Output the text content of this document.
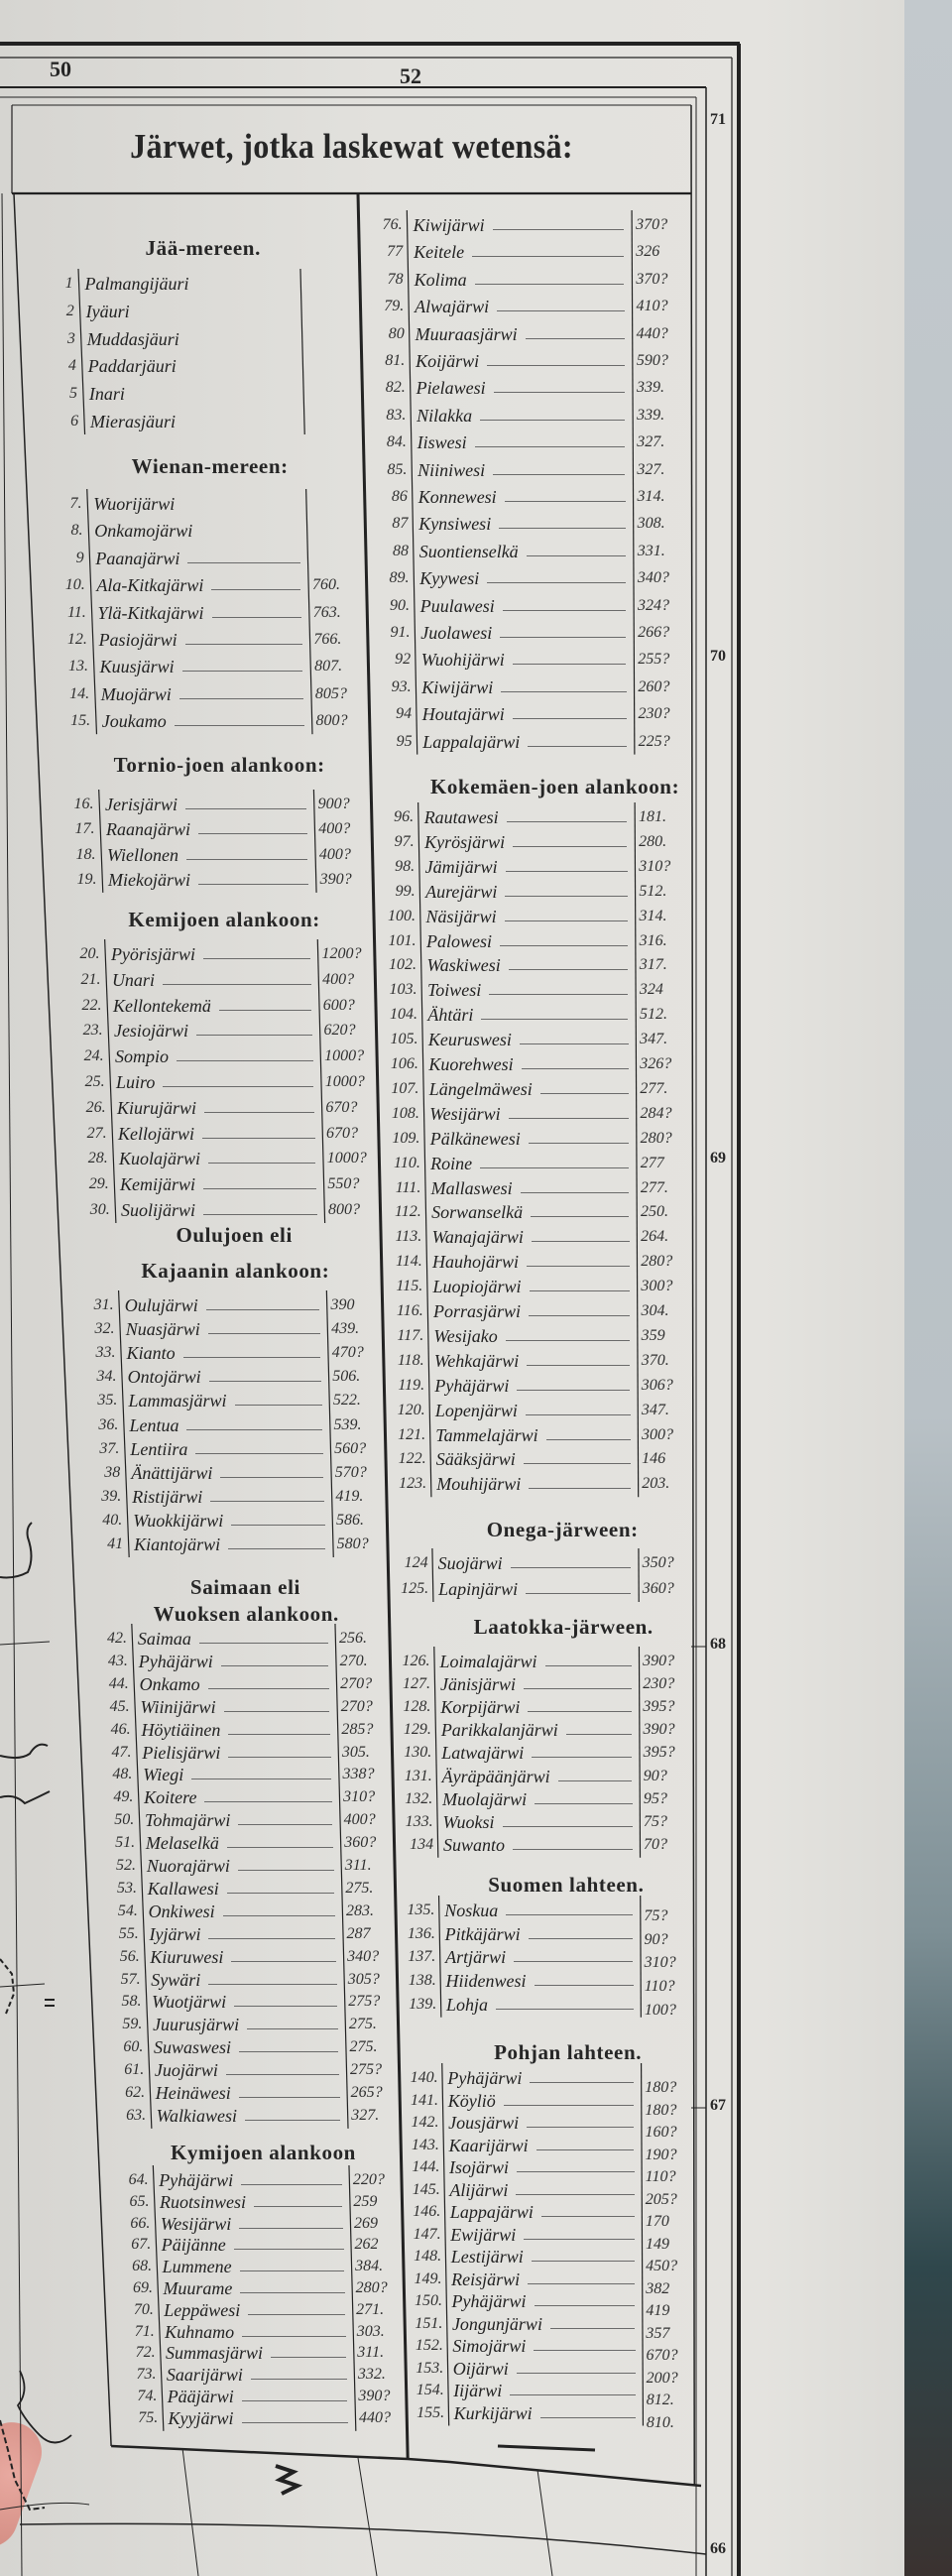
50	52
71
70
69
68
67
66
Järwet, jotka laskewat wetensä:
Jää-mereen.
1 Palmangijäuri
2 Iyäuri
3 Muddasjäuri
4 Paddarjäuri
5 Inari
6 Mierasjäuri
Wienan-mereen:
7. Wuorijärwi
8. Onkamojärwi
9 Paanajärwi
10. Ala-Kitkajärwi	760.
11. Ylä-Kitkajärwi	763.
12. Pasiojärwi	766.
13. Kuusjärwi	807.
14. Muojärwi	805?
15. Joukamo	800?
Tornio-joen alankoon:
16. Jerisjärwi	900?
17. Raanajärwi	400?
18. Wiellonen	400?
19. Miekojärwi	390?
Kemijoen alankoon:
20. Pyörisjärwi	1200?
21. Unari	400?
22. Kellontekemä	600?
23. Jesiojärwi	620?
24. Sompio	1000?
25. Luiro	1000?
26. Kiurujärwi	670?
27. Kellojärwi	670?
28. Kuolajärwi	1000?
29. Kemijärwi	550?
30. Suolijärwi	800?
Oulujoen eli
Kajaanin alankoon:
31. Oulujärwi	390
32. Nuasjärwi	439.
33. Kianto	470?
34. Ontojärwi	506.
35. Lammasjärwi	522.
36. Lentua	539.
37. Lentiira	560?
38 Änättijärwi	570?
39. Ristijärwi	419.
40. Wuokkijärwi	586.
41 Kiantojärwi	580?
Saimaan eli
Wuoksen alankoon.
42. Saimaa	256.
43. Pyhäjärwi	270.
44. Onkamo	270?
45. Wiinijärwi	270?
46. Höytiäinen	285?
47. Pielisjärwi	305.
48. Wiegi	338?
49. Koitere	310?
50. Tohmajärwi	400?
51. Melaselkä	360?
52. Nuorajärwi	311.
53. Kallawesi	275.
54. Onkiwesi	283.
55. Iyjärwi	287
56. Kiuruwesi	340?
57. Sywäri	305?
58. Wuotjärwi	275?
59. Juurusjärwi	275.
60. Suwaswesi	275.
61. Juojärwi	275?
62. Heinäwesi	265?
63. Walkiawesi	327.
Kymijoen alankoon
64. Pyhäjärwi	220?
65. Ruotsinwesi	259
66. Wesijärwi	269
67. Päijänne	262
68. Lummene	384.
69. Muurame	280?
70. Leppäwesi	271.
71. Kuhnamo	303.
72. Summasjärwi	311.
73. Saarijärwi	332.
74. Pääjärwi	390?
75. Kyyjärwi	440?
76. Kiwijärwi	370?
77 Keitele	326
78 Kolima	370?
79. Alwajärwi	410?
80 Muuraasjärwi	440?
81. Koijärwi	590?
82. Pielawesi	339.
83. Nilakka	339.
84. Iiswesi	327.
85. Niiniwesi	327.
86 Konnewesi	314.
87 Kynsiwesi	308.
88 Suontienselkä	331.
89. Kyywesi	340?
90. Puulawesi	324?
91. Juolawesi	266?
92 Wuohijärwi	255?
93. Kiwijärwi	260?
94 Houtajärwi	230?
95 Lappalajärwi	225?
Kokemäen-joen alankoon:
96. Rautawesi	181.
97. Kyrösjärwi	280.
98. Jämijärwi	310?
99. Aurejärwi	512.
100. Näsijärwi	314.
101. Palowesi	316.
102. Waskiwesi	317.
103. Toiwesi	324
104. Ähtäri	512.
105. Keuruswesi	347.
106. Kuorehwesi	326?
107. Längelmäwesi	277.
108. Wesijärwi	284?
109. Pälkänewesi	280?
110. Roine	277
111. Mallaswesi	277.
112. Sorwanselkä	250.
113. Wanajajärwi	264.
114. Hauhojärwi	280?
115. Luopiojärwi	300?
116. Porrasjärwi	304.
117. Wesijako	359
118. Wehkajärwi	370.
119. Pyhäjärwi	306?
120. Lopenjärwi	347.
121. Tammelajärwi	300?
122. Sääksjärwi	146
123. Mouhijärwi	203.
Onega-järween:
124 Suojärwi	350?
125. Lapinjärwi	360?
Laatokka-järween.
126. Loimalajärwi	390?
127. Jänisjärwi	230?
128. Korpijärwi	395?
129. Parikkalanjärwi	390?
130. Latwajärwi	395?
131. Äyräpäänjärwi	90?
132. Muolajärwi	95?
133. Wuoksi	75?
134 Suwanto	70?
Suomen lahteen.
135. Noskua	75?
136. Pitkäjärwi	90?
137. Artjärwi	310?
138. Hiidenwesi	110?
139. Lohja	100?
Pohjan lahteen.
140. Pyhäjärwi	180?
141. Köyliö	180?
142. Jousjärwi	160?
143. Kaarijärwi	190?
144. Isojärwi	110?
145. Alijärwi	205?
146. Lappajärwi	170
147. Ewijärwi	149
148. Lestijärwi	450?
149. Reisjärwi	382
150. Pyhäjärwi	419
151. Jongunjärwi	357
152. Simojärwi	670?
153. Oijärwi	200?
154. Iijärwi	812.
155. Kurkijärwi	810.
